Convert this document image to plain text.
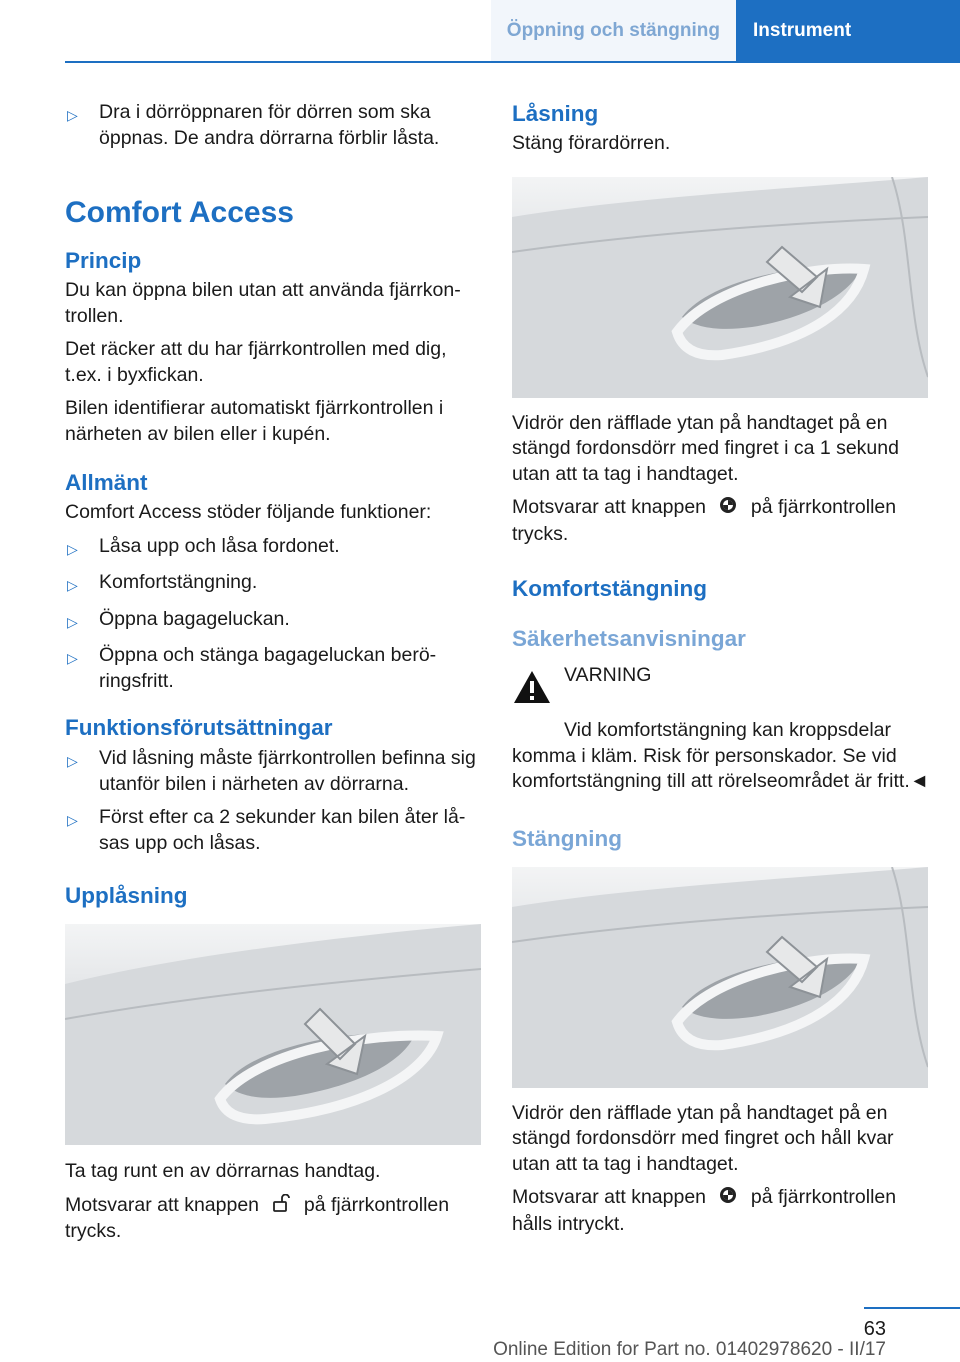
Öppning och stängning	Instrument
▷	Dra i dörröppnaren för dörren som ska öppnas. De andra dörrarna förblir låsta.
Comfort Access
Princip

Du kan öppna bilen utan att använda fjärrkontrollen.

Det räcker att du har fjärrkontrollen med dig, t.ex. i byxfickan.

Bilen identifierar automatiskt fjärrkontrollen i närheten av bilen eller i kupén.

Allmänt

Comfort Access stöder följande funktioner:

▷	Låsa upp och låsa fordonet.
▷	Komfortstängning.
▷	Öppna bagageluckan.
▷	Öppna och stänga bagageluckan beröringsfritt.
Funktionsförutsättningar
▷	Vid låsning måste fjärrkontrollen befinna sig utanför bilen i närheten av dörrarna.
▷	Först efter ca 2 sekunder kan bilen åter låsas upp och låsas.
Upplåsning

Ta tag runt en av dörrarnas handtag.

Motsvarar att knappen på fjärrkontrollen trycks.

Låsning

Stäng förardörren.

Vidrör den räfflade ytan på handtaget på en stängd fordonsdörr med fingret i ca 1 sekund utan att ta tag i handtaget.

Motsvarar att knappen på fjärrkontrollen trycks.

Komfortstängning
Säkerhetsanvisningar
VARNING

Vid komfortstängning kan kroppsdelar komma i kläm. Risk för personskador. Se vid komfortstängning till att rörelseområdet är fritt.◄

Stängning

Vidrör den räfflade ytan på handtaget på en stängd fordonsdörr med fingret och håll kvar utan att ta tag i handtaget.

Motsvarar att knappen på fjärrkontrollen hålls intryckt.

63
Online Edition for Part no. 01402978620 - II/17
